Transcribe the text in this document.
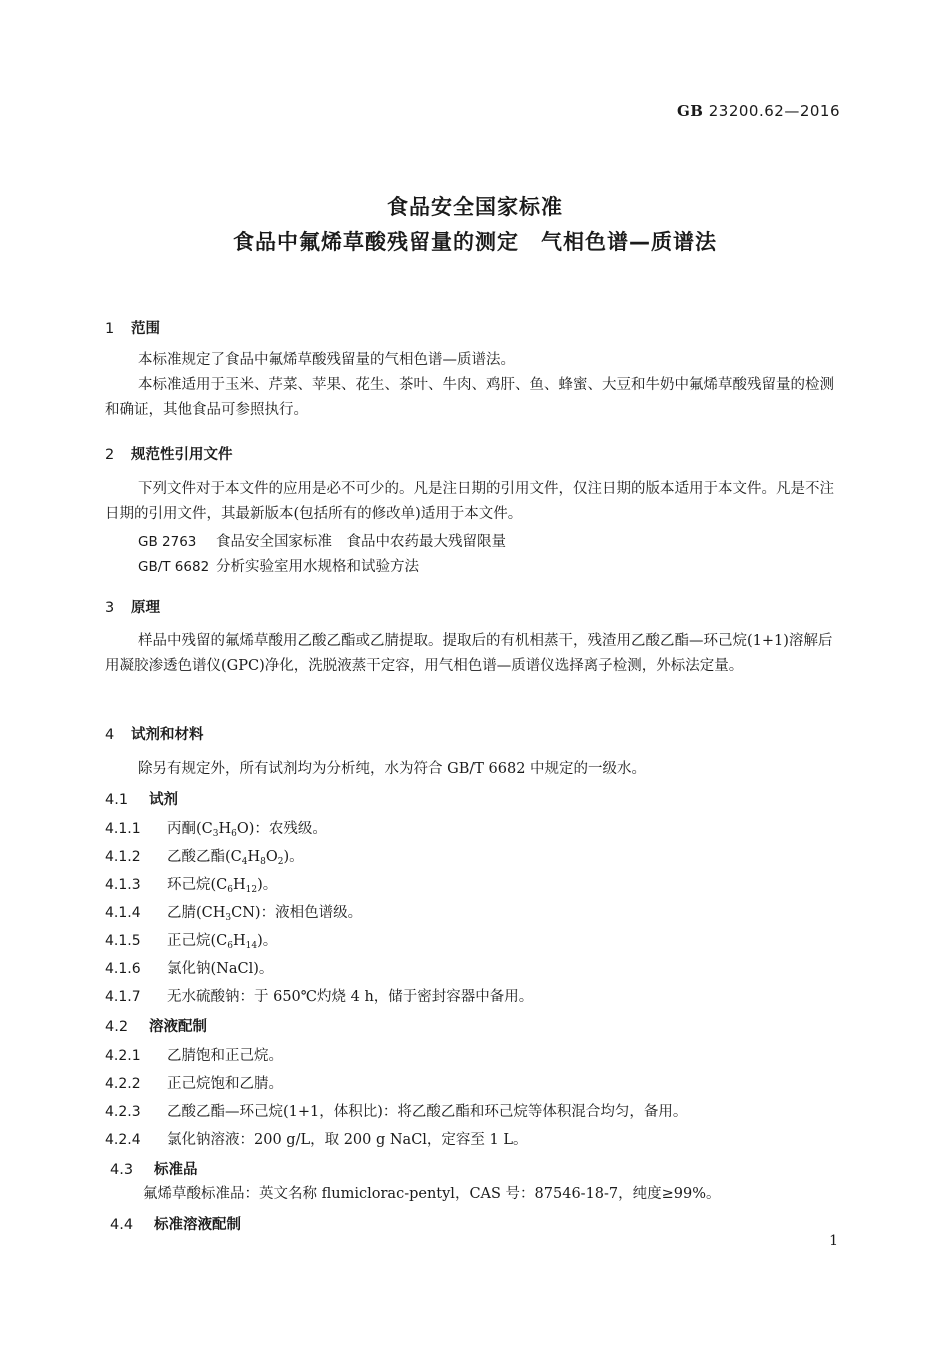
GB 23200.62—2016
食品安全国家标准
食品中氟烯草酸残留量的测定　气相色谱—质谱法
1 范围
本标准规定了食品中氟烯草酸残留量的气相色谱—质谱法。
本标准适用于玉米、芹菜、苹果、花生、茶叶、牛肉、鸡肝、鱼、蜂蜜、大豆和牛奶中氟烯草酸残留量的检测和确证，其他食品可参照执行。
2 规范性引用文件
下列文件对于本文件的应用是必不可少的。凡是注日期的引用文件，仅注日期的版本适用于本文件。凡是不注日期的引用文件，其最新版本(包括所有的修改单)适用于本文件。
GB 2763 食品安全国家标准　食品中农药最大残留限量
GB/T 6682 分析实验室用水规格和试验方法
3 原理
样品中残留的氟烯草酸用乙酸乙酯或乙腈提取。提取后的有机相蒸干，残渣用乙酸乙酯—环己烷(1+1)溶解后用凝胶渗透色谱仪(GPC)净化，洗脱液蒸干定容，用气相色谱—质谱仪选择离子检测，外标法定量。
4 试剂和材料
除另有规定外，所有试剂均为分析纯，水为符合 GB/T 6682 中规定的一级水。
4.1 试剂
4.1.1 丙酮$(C_3H_6O)$：农残级。
4.1.2 乙酸乙酯$(C_4H_8O_2)$。
4.1.3 环己烷$(C_6H_{12})$。
4.1.4 乙腈$(CH_3CN)$：液相色谱级。
4.1.5 正己烷$(C_6H_{14})$。
4.1.6 氯化钠(NaCl)。
4.1.7 无水硫酸钠：于 650℃灼烧 4 h，储于密封容器中备用。
4.2 溶液配制
4.2.1 乙腈饱和正己烷。
4.2.2 正己烷饱和乙腈。
4.2.3 乙酸乙酯—环己烷(1+1，体积比)：将乙酸乙酯和环己烷等体积混合均匀，备用。
4.2.4 氯化钠溶液：200 g/L，取 200 g NaCl，定容至 1 L。
4.3 标准品
氟烯草酸标准品：英文名称 flumiclorac-pentyl，CAS 号：87546-18-7，纯度≥99%。
4.4 标准溶液配制
1
